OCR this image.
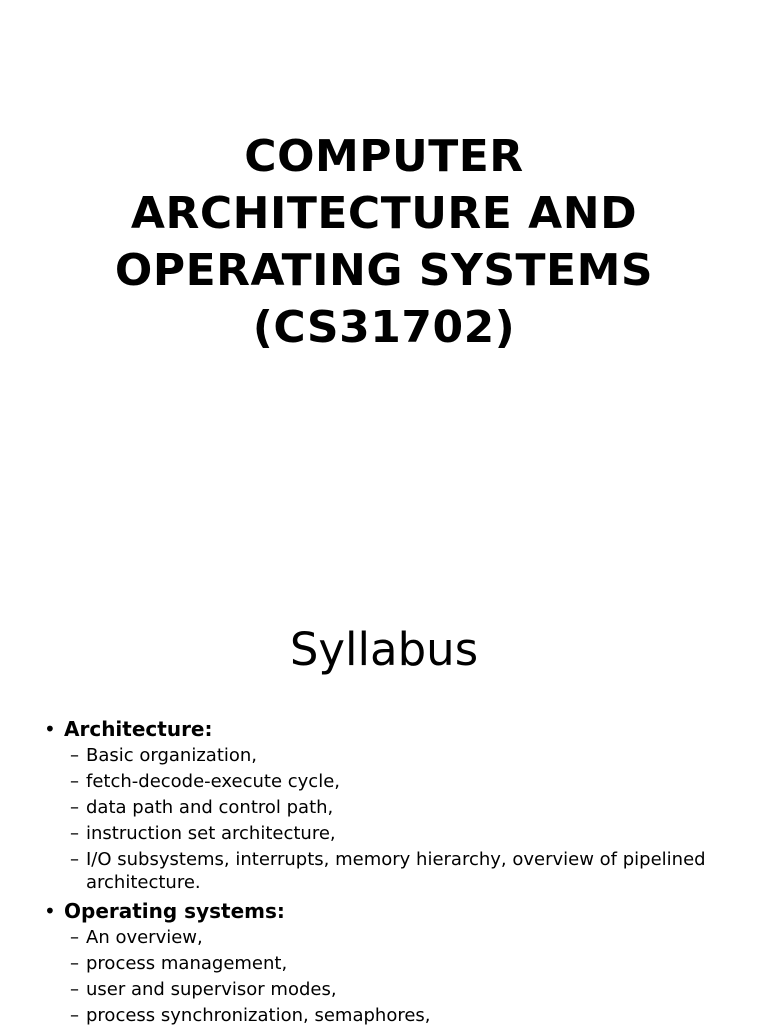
COMPUTER
ARCHITECTURE AND
OPERATING SYSTEMS
(CS31702)
Syllabus
• Architecture:
– Basic organization,
– fetch-decode-execute cycle,
– data path and control path,
– instruction set architecture,
– I/O subsystems, interrupts, memory hierarchy, overview of pipelined architecture.
• Operating systems:
– An overview,
– process management,
– user and supervisor modes,
– process synchronization, semaphores,
